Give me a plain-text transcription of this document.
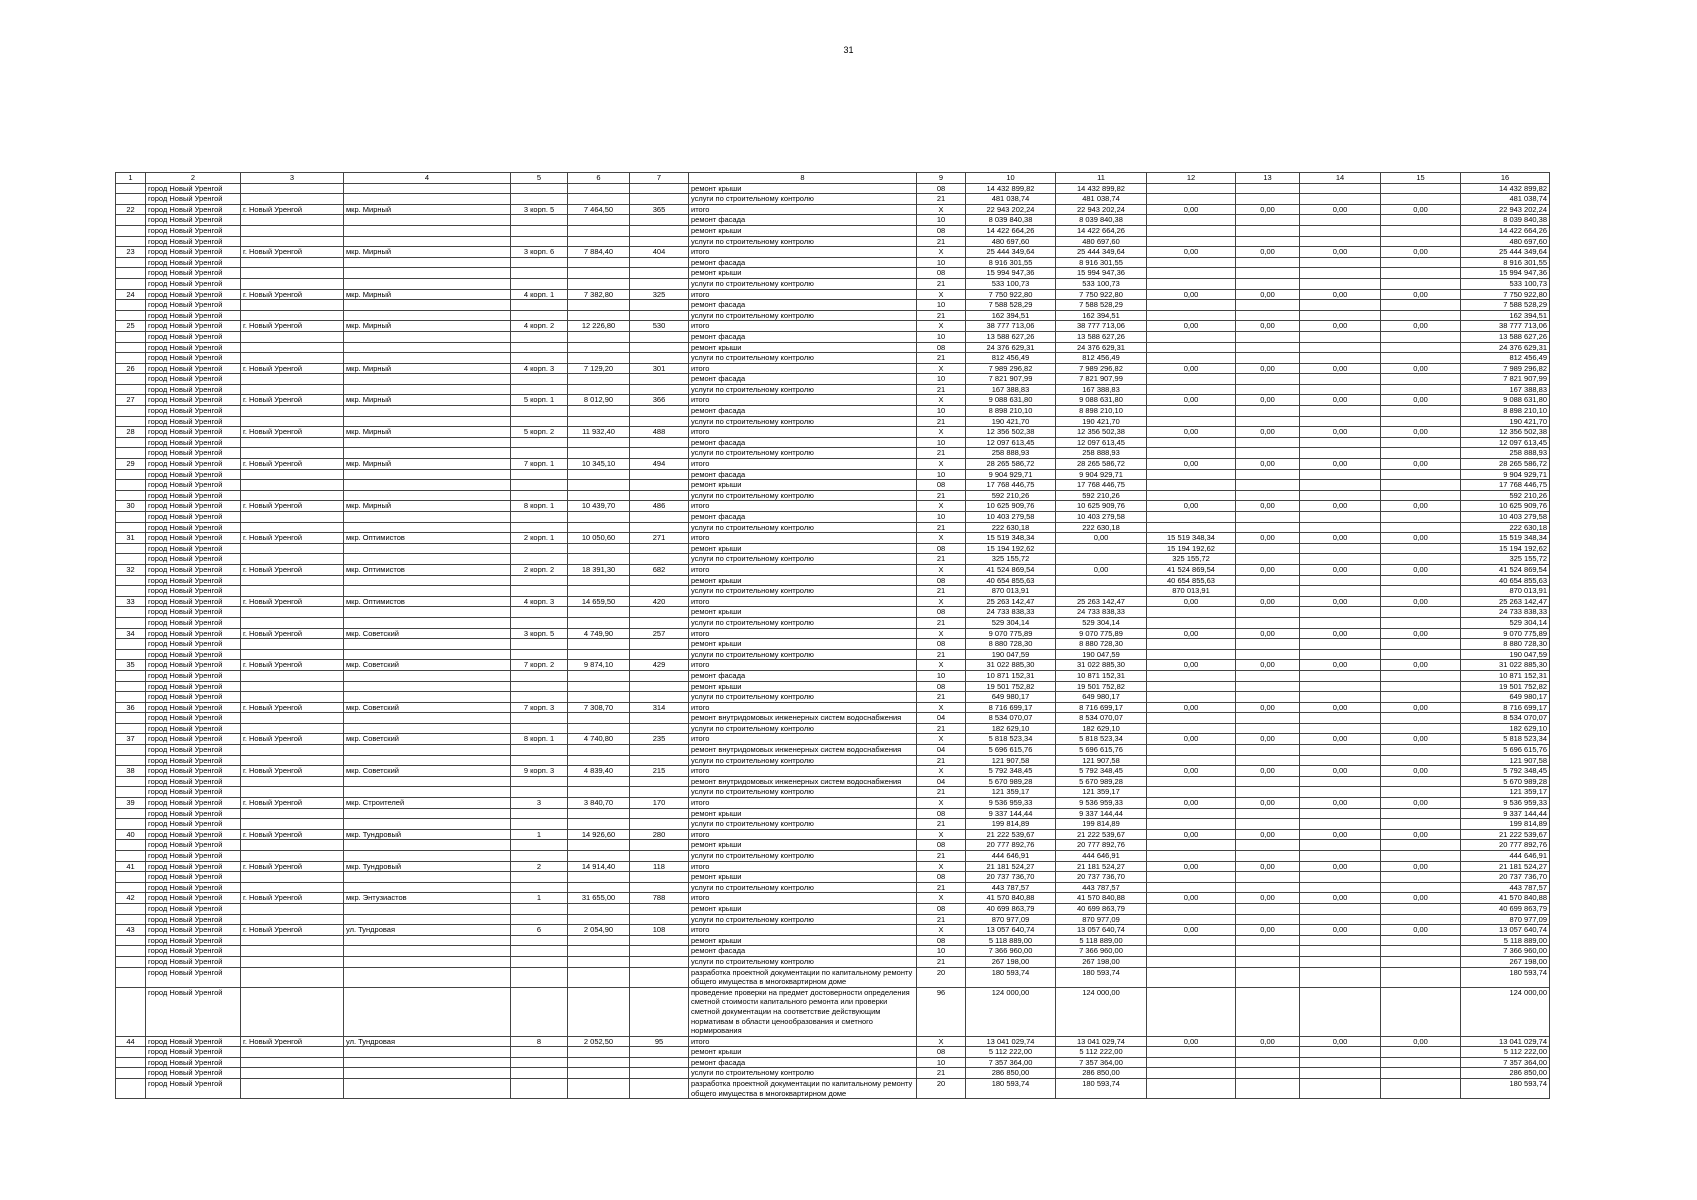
31
1	2	3	4	5	6	7	8	9	10	11	12	13	14	15	16
	город Новый Уренгой						ремонт крыши	08	14 432 899,82	14 432 899,82					14 432 899,82
	город Новый Уренгой						услуги по строительному контролю	21	481 038,74	481 038,74					481 038,74
22	город Новый Уренгой	г. Новый Уренгой	мкр. Мирный	3 корп. 5	7 464,50	365	итого	X	22 943 202,24	22 943 202,24	0,00	0,00	0,00	0,00	22 943 202,24
	город Новый Уренгой						ремонт фасада	10	8 039 840,38	8 039 840,38					8 039 840,38
	город Новый Уренгой						ремонт крыши	08	14 422 664,26	14 422 664,26					14 422 664,26
	город Новый Уренгой						услуги по строительному контролю	21	480 697,60	480 697,60					480 697,60
23	город Новый Уренгой	г. Новый Уренгой	мкр. Мирный	3 корп. 6	7 884,40	404	итого	X	25 444 349,64	25 444 349,64	0,00	0,00	0,00	0,00	25 444 349,64
	город Новый Уренгой						ремонт фасада	10	8 916 301,55	8 916 301,55					8 916 301,55
	город Новый Уренгой						ремонт крыши	08	15 994 947,36	15 994 947,36					15 994 947,36
	город Новый Уренгой						услуги по строительному контролю	21	533 100,73	533 100,73					533 100,73
24	город Новый Уренгой	г. Новый Уренгой	мкр. Мирный	4 корп. 1	7 382,80	325	итого	X	7 750 922,80	7 750 922,80	0,00	0,00	0,00	0,00	7 750 922,80
	город Новый Уренгой						ремонт фасада	10	7 588 528,29	7 588 528,29					7 588 528,29
	город Новый Уренгой						услуги по строительному контролю	21	162 394,51	162 394,51					162 394,51
25	город Новый Уренгой	г. Новый Уренгой	мкр. Мирный	4 корп. 2	12 226,80	530	итого	X	38 777 713,06	38 777 713,06	0,00	0,00	0,00	0,00	38 777 713,06
	город Новый Уренгой						ремонт фасада	10	13 588 627,26	13 588 627,26					13 588 627,26
	город Новый Уренгой						ремонт крыши	08	24 376 629,31	24 376 629,31					24 376 629,31
	город Новый Уренгой						услуги по строительному контролю	21	812 456,49	812 456,49					812 456,49
26	город Новый Уренгой	г. Новый Уренгой	мкр. Мирный	4 корп. 3	7 129,20	301	итого	X	7 989 296,82	7 989 296,82	0,00	0,00	0,00	0,00	7 989 296,82
	город Новый Уренгой						ремонт фасада	10	7 821 907,99	7 821 907,99					7 821 907,99
	город Новый Уренгой						услуги по строительному контролю	21	167 388,83	167 388,83					167 388,83
27	город Новый Уренгой	г. Новый Уренгой	мкр. Мирный	5 корп. 1	8 012,90	366	итого	X	9 088 631,80	9 088 631,80	0,00	0,00	0,00	0,00	9 088 631,80
	город Новый Уренгой						ремонт фасада	10	8 898 210,10	8 898 210,10					8 898 210,10
	город Новый Уренгой						услуги по строительному контролю	21	190 421,70	190 421,70					190 421,70
28	город Новый Уренгой	г. Новый Уренгой	мкр. Мирный	5 корп. 2	11 932,40	488	итого	X	12 356 502,38	12 356 502,38	0,00	0,00	0,00	0,00	12 356 502,38
	город Новый Уренгой						ремонт фасада	10	12 097 613,45	12 097 613,45					12 097 613,45
	город Новый Уренгой						услуги по строительному контролю	21	258 888,93	258 888,93					258 888,93
29	город Новый Уренгой	г. Новый Уренгой	мкр. Мирный	7 корп. 1	10 345,10	494	итого	X	28 265 586,72	28 265 586,72	0,00	0,00	0,00	0,00	28 265 586,72
	город Новый Уренгой						ремонт фасада	10	9 904 929,71	9 904 929,71					9 904 929,71
	город Новый Уренгой						ремонт крыши	08	17 768 446,75	17 768 446,75					17 768 446,75
	город Новый Уренгой						услуги по строительному контролю	21	592 210,26	592 210,26					592 210,26
30	город Новый Уренгой	г. Новый Уренгой	мкр. Мирный	8 корп. 1	10 439,70	486	итого	X	10 625 909,76	10 625 909,76	0,00	0,00	0,00	0,00	10 625 909,76
	город Новый Уренгой						ремонт фасада	10	10 403 279,58	10 403 279,58					10 403 279,58
	город Новый Уренгой						услуги по строительному контролю	21	222 630,18	222 630,18					222 630,18
31	город Новый Уренгой	г. Новый Уренгой	мкр. Оптимистов	2 корп. 1	10 050,60	271	итого	X	15 519 348,34	0,00	15 519 348,34	0,00	0,00	0,00	15 519 348,34
	город Новый Уренгой						ремонт крыши	08	15 194 192,62		15 194 192,62				15 194 192,62
	город Новый Уренгой						услуги по строительному контролю	21	325 155,72		325 155,72				325 155,72
32	город Новый Уренгой	г. Новый Уренгой	мкр. Оптимистов	2 корп. 2	18 391,30	682	итого	X	41 524 869,54	0,00	41 524 869,54	0,00	0,00	0,00	41 524 869,54
	город Новый Уренгой						ремонт крыши	08	40 654 855,63		40 654 855,63				40 654 855,63
	город Новый Уренгой						услуги по строительному контролю	21	870 013,91		870 013,91				870 013,91
33	город Новый Уренгой	г. Новый Уренгой	мкр. Оптимистов	4 корп. 3	14 659,50	420	итого	X	25 263 142,47	25 263 142,47	0,00	0,00	0,00	0,00	25 263 142,47
	город Новый Уренгой						ремонт крыши	08	24 733 838,33	24 733 838,33					24 733 838,33
	город Новый Уренгой						услуги по строительному контролю	21	529 304,14	529 304,14					529 304,14
34	город Новый Уренгой	г. Новый Уренгой	мкр. Советский	3 корп. 5	4 749,90	257	итого	X	9 070 775,89	9 070 775,89	0,00	0,00	0,00	0,00	9 070 775,89
	город Новый Уренгой						ремонт крыши	08	8 880 728,30	8 880 728,30					8 880 728,30
	город Новый Уренгой						услуги по строительному контролю	21	190 047,59	190 047,59					190 047,59
35	город Новый Уренгой	г. Новый Уренгой	мкр. Советский	7 корп. 2	9 874,10	429	итого	X	31 022 885,30	31 022 885,30	0,00	0,00	0,00	0,00	31 022 885,30
	город Новый Уренгой						ремонт фасада	10	10 871 152,31	10 871 152,31					10 871 152,31
	город Новый Уренгой						ремонт крыши	08	19 501 752,82	19 501 752,82					19 501 752,82
	город Новый Уренгой						услуги по строительному контролю	21	649 980,17	649 980,17					649 980,17
36	город Новый Уренгой	г. Новый Уренгой	мкр. Советский	7 корп. 3	7 308,70	314	итого	X	8 716 699,17	8 716 699,17	0,00	0,00	0,00	0,00	8 716 699,17
	город Новый Уренгой						ремонт внутридомовых инженерных систем водоснабжения	04	8 534 070,07	8 534 070,07					8 534 070,07
	город Новый Уренгой						услуги по строительному контролю	21	182 629,10	182 629,10					182 629,10
37	город Новый Уренгой	г. Новый Уренгой	мкр. Советский	8 корп. 1	4 740,80	235	итого	X	5 818 523,34	5 818 523,34	0,00	0,00	0,00	0,00	5 818 523,34
	город Новый Уренгой						ремонт внутридомовых инженерных систем водоснабжения	04	5 696 615,76	5 696 615,76					5 696 615,76
	город Новый Уренгой						услуги по строительному контролю	21	121 907,58	121 907,58					121 907,58
38	город Новый Уренгой	г. Новый Уренгой	мкр. Советский	9 корп. 3	4 839,40	215	итого	X	5 792 348,45	5 792 348,45	0,00	0,00	0,00	0,00	5 792 348,45
	город Новый Уренгой						ремонт внутридомовых инженерных систем водоснабжения	04	5 670 989,28	5 670 989,28					5 670 989,28
	город Новый Уренгой						услуги по строительному контролю	21	121 359,17	121 359,17					121 359,17
39	город Новый Уренгой	г. Новый Уренгой	мкр. Строителей	3	3 840,70	170	итого	X	9 536 959,33	9 536 959,33	0,00	0,00	0,00	0,00	9 536 959,33
	город Новый Уренгой						ремонт крыши	08	9 337 144,44	9 337 144,44					9 337 144,44
	город Новый Уренгой						услуги по строительному контролю	21	199 814,89	199 814,89					199 814,89
40	город Новый Уренгой	г. Новый Уренгой	мкр. Тундровый	1	14 926,60	280	итого	X	21 222 539,67	21 222 539,67	0,00	0,00	0,00	0,00	21 222 539,67
	город Новый Уренгой						ремонт крыши	08	20 777 892,76	20 777 892,76					20 777 892,76
	город Новый Уренгой						услуги по строительному контролю	21	444 646,91	444 646,91					444 646,91
41	город Новый Уренгой	г. Новый Уренгой	мкр. Тундровый	2	14 914,40	118	итого	X	21 181 524,27	21 181 524,27	0,00	0,00	0,00	0,00	21 181 524,27
	город Новый Уренгой						ремонт крыши	08	20 737 736,70	20 737 736,70					20 737 736,70
	город Новый Уренгой						услуги по строительному контролю	21	443 787,57	443 787,57					443 787,57
42	город Новый Уренгой	г. Новый Уренгой	мкр. Энтузиастов	1	31 655,00	788	итого	X	41 570 840,88	41 570 840,88	0,00	0,00	0,00	0,00	41 570 840,88
	город Новый Уренгой						ремонт крыши	08	40 699 863,79	40 699 863,79					40 699 863,79
	город Новый Уренгой						услуги по строительному контролю	21	870 977,09	870 977,09					870 977,09
43	город Новый Уренгой	г. Новый Уренгой	ул. Тундровая	6	2 054,90	108	итого	X	13 057 640,74	13 057 640,74	0,00	0,00	0,00	0,00	13 057 640,74
	город Новый Уренгой						ремонт крыши	08	5 118 889,00	5 118 889,00					5 118 889,00
	город Новый Уренгой						ремонт фасада	10	7 366 960,00	7 366 960,00					7 366 960,00
	город Новый Уренгой						услуги по строительному контролю	21	267 198,00	267 198,00					267 198,00
	город Новый Уренгой						разработка проектной документации по капитальному ремонту общего имущества в многоквартирном доме	20	180 593,74	180 593,74					180 593,74
	город Новый Уренгой						проведение проверки на предмет достоверности определения сметной стоимости капитального ремонта или проверки сметной документации на соответствие действующим нормативам в области ценообразования и сметного нормирования	96	124 000,00	124 000,00					124 000,00
44	город Новый Уренгой	г. Новый Уренгой	ул. Тундровая	8	2 052,50	95	итого	X	13 041 029,74	13 041 029,74	0,00	0,00	0,00	0,00	13 041 029,74
	город Новый Уренгой						ремонт крыши	08	5 112 222,00	5 112 222,00					5 112 222,00
	город Новый Уренгой						ремонт фасада	10	7 357 364,00	7 357 364,00					7 357 364,00
	город Новый Уренгой						услуги по строительному контролю	21	286 850,00	286 850,00					286 850,00
	город Новый Уренгой						разработка проектной документации по капитальному ремонту общего имущества в многоквартирном доме	20	180 593,74	180 593,74					180 593,74
